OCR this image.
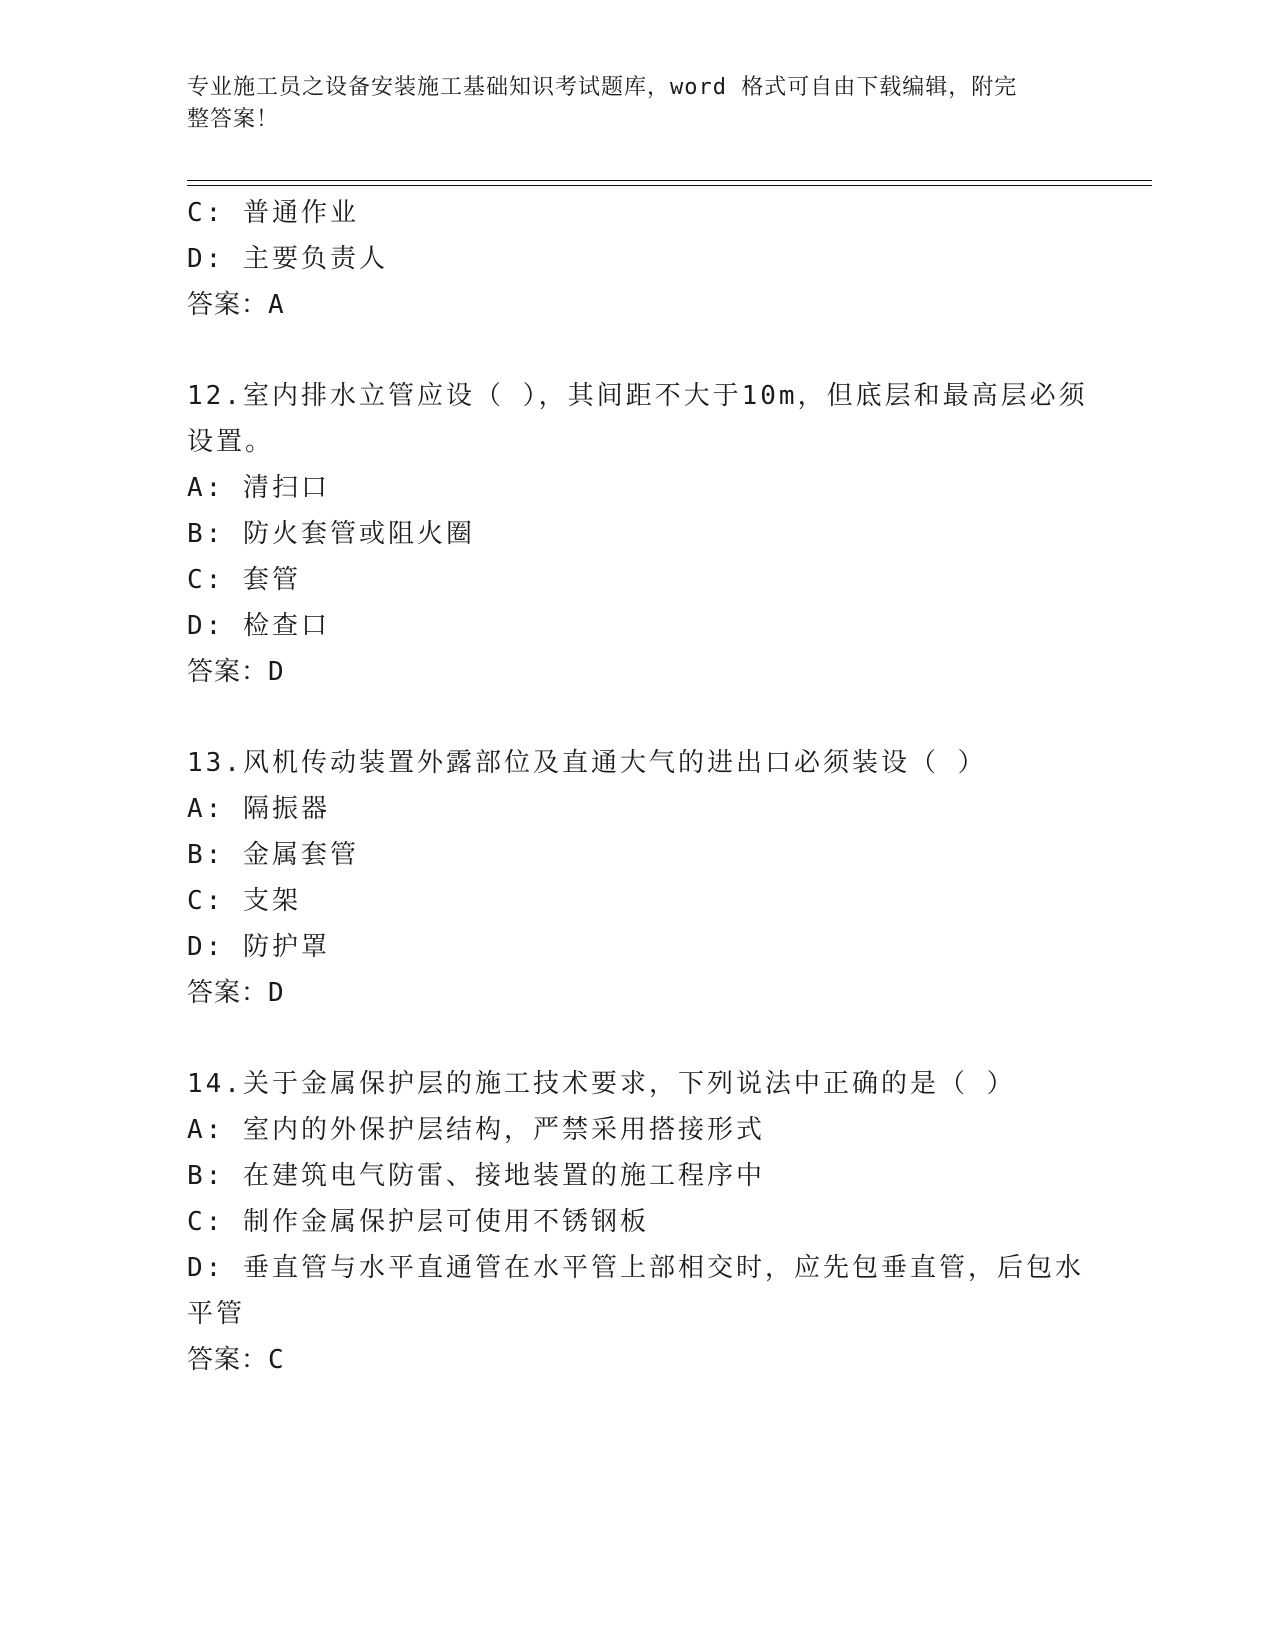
专业施工员之设备安装施工基础知识考试题库，word 格式可自由下载编辑，附完
整答案！
C: 普通作业
D: 主要负责人
答案：A
12.室内排水立管应设（ ），其间距不大于10m，但底层和最高层必须
设置。
A: 清扫口
B: 防火套管或阻火圈
C: 套管
D: 检查口
答案：D
13.风机传动装置外露部位及直通大气的进出口必须装设（ ）
A: 隔振器
B: 金属套管
C: 支架
D: 防护罩
答案：D
14.关于金属保护层的施工技术要求，下列说法中正确的是（ ）
A: 室内的外保护层结构，严禁采用搭接形式
B: 在建筑电气防雷、接地装置的施工程序中
C: 制作金属保护层可使用不锈钢板
D: 垂直管与水平直通管在水平管上部相交时，应先包垂直管，后包水
平管
答案：C
